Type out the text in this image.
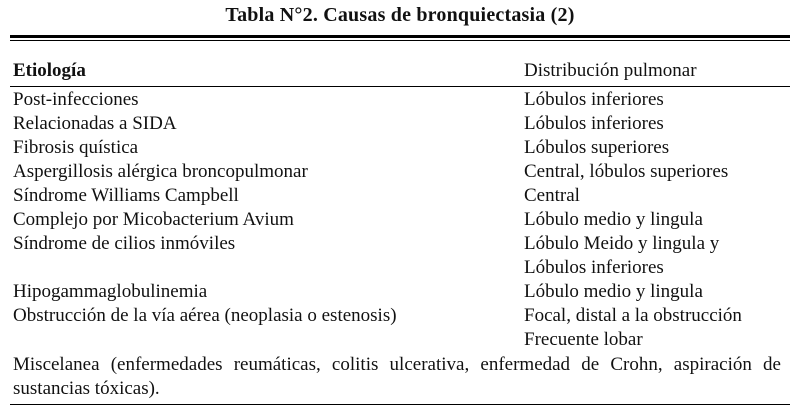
Tabla N°2. Causas de bronquiectasia (2)
Etiología	Distribución pulmonar
Post-infecciones	Lóbulos inferiores
Relacionadas a SIDA	Lóbulos inferiores
Fibrosis quística	Lóbulos superiores
Aspergillosis alérgica broncopulmonar	Central, lóbulos superiores
Síndrome Williams Campbell	Central
Complejo por Micobacterium Avium	Lóbulo medio y lingula
Síndrome de cilios inmóviles	Lóbulo Meido y lingula y
Lóbulos inferiores
Hipogammaglobulinemia	Lóbulo medio y lingula
Obstrucción de la vía aérea (neoplasia o estenosis)	Focal, distal a la obstrucción
Frecuente lobar
Miscelanea (enfermedades reumáticas, colitis ulcerativa, enfermedad de Crohn, aspiración de sustancias tóxicas).
